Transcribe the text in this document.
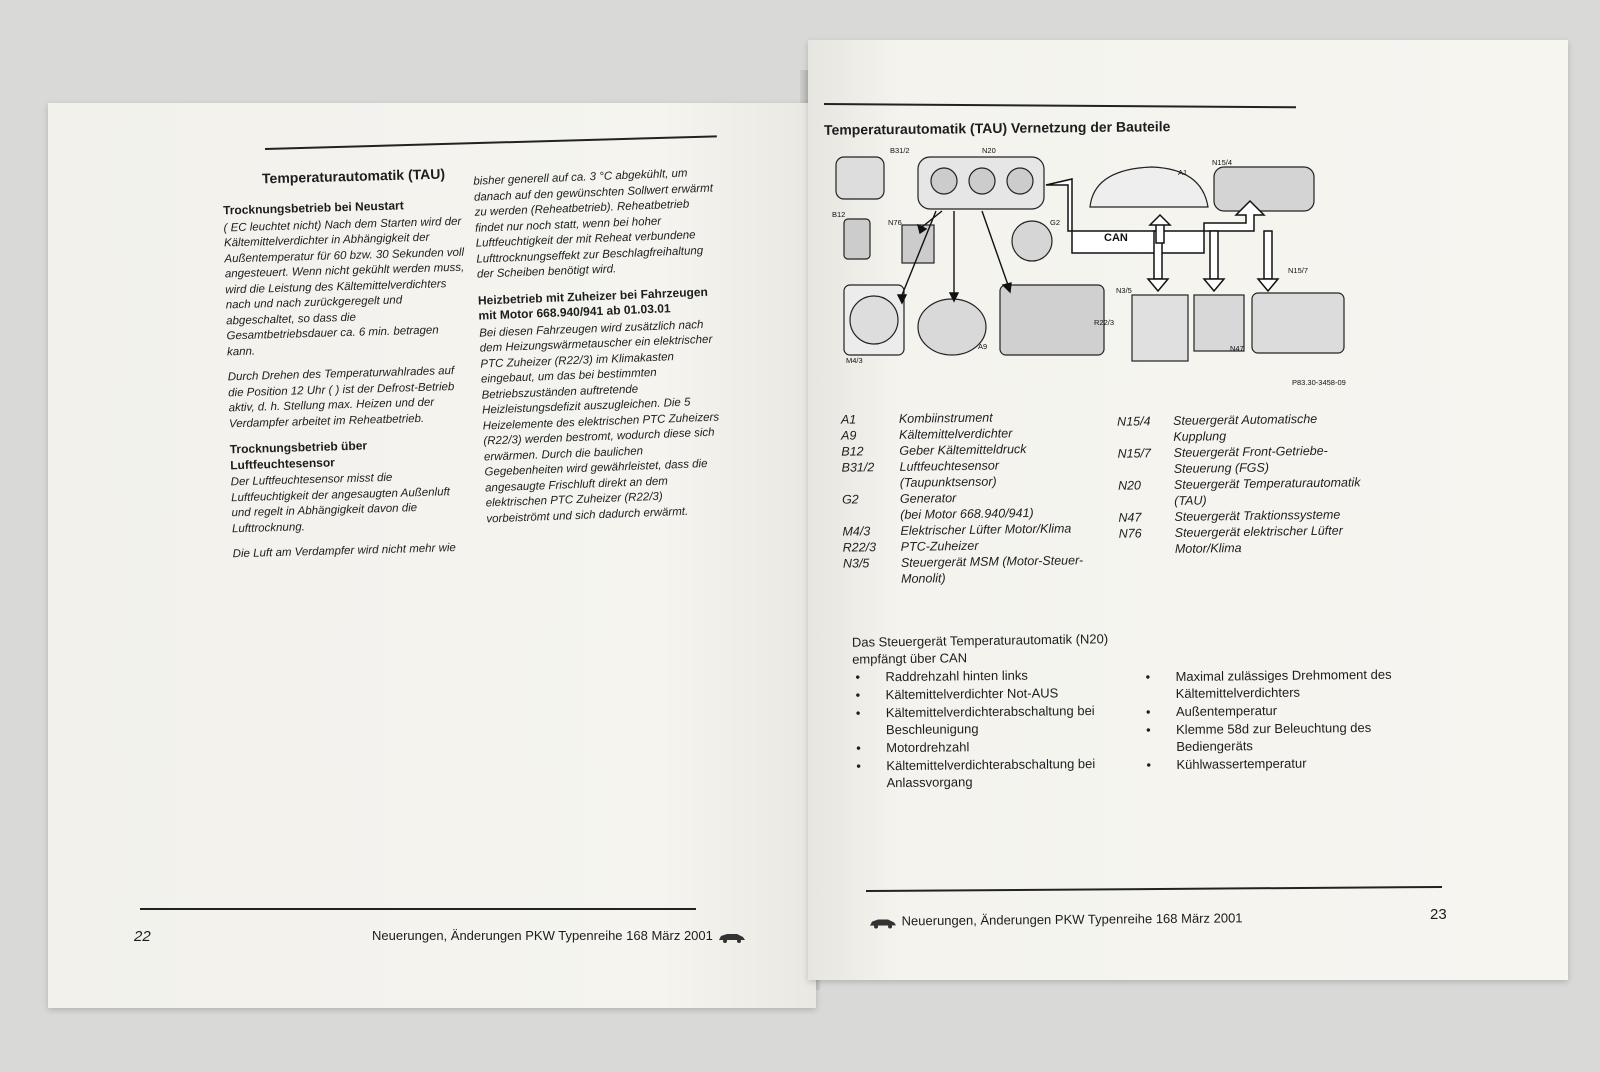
Temperaturautomatik (TAU)
Trocknungsbetrieb bei Neustart

( EC leuchtet nicht) Nach dem Starten wird der Kältemittelverdichter in Abhängigkeit der Außentemperatur für 60 bzw. 30 Sekunden voll angesteuert. Wenn nicht gekühlt werden muss, wird die Leistung des Kältemittelverdichters nach und nach zurückgeregelt und abgeschaltet, so dass die Gesamtbetriebsdauer ca. 6 min. betragen kann.

Durch Drehen des Temperaturwahlrades auf die Position 12 Uhr ( ) ist der Defrost-Betrieb aktiv, d. h. Stellung max. Heizen und der Verdampfer arbeitet im Reheatbetrieb.

Trocknungsbetrieb über Luftfeuchtesensor

Der Luftfeuchtesensor misst die Luftfeuchtigkeit der angesaugten Außenluft und regelt in Abhängigkeit davon die Lufttrocknung.

Die Luft am Verdampfer wird nicht mehr wie

bisher generell auf ca. 3 °C abgekühlt, um danach auf den gewünschten Sollwert erwärmt zu werden (Reheatbetrieb). Reheatbetrieb findet nur noch statt, wenn bei hoher Luftfeuchtigkeit der mit Reheat verbundene Lufttrocknungseffekt zur Beschlagfreihaltung der Scheiben benötigt wird.

Heizbetrieb mit Zuheizer bei Fahrzeugen mit Motor 668.940/941 ab 01.03.01

Bei diesen Fahrzeugen wird zusätzlich nach dem Heizungswärmetauscher ein elektrischer PTC Zuheizer (R22/3) im Klimakasten eingebaut, um das bei bestimmten Betriebszuständen auftretende Heizleistungsdefizit auszugleichen. Die 5 Heizelemente des elektrischen PTC Zuheizers (R22/3) werden bestromt, wodurch diese sich erwärmen. Durch die baulichen Gegebenheiten wird gewährleistet, dass die angesaugte Frischluft direkt an dem elektrischen PTC Zuheizer (R22/3) vorbeiströmt und sich dadurch erwärmt.

22	Neuerungen, Änderungen PKW Typenreihe 168 März 2001
Temperaturautomatik (TAU) Vernetzung der Bauteile
CAN
B31/2	N20
A1
N15/4
B12
N76	G2
N3/5
N15/7
M4/3
A9
R22/3
N47
P83.30-3458-09
A1	Kombiinstrument
A9	Kältemittelverdichter
B12	Geber Kältemitteldruck
B31/2 Luftfeuchtesensor
(Taupunktsensor)
G2	Generator
(bei Motor 668.940/941)
M4/3 Elektrischer Lüfter Motor/Klima
R22/3 PTC-Zuheizer
N3/5	Steuergerät MSM (Motor-Steuer-
Monolit)
N15/4 Steuergerät Automatische
Kupplung
N15/7 Steuergerät Front-Getriebe-
Steuerung (FGS)
N20	Steuergerät Temperaturautomatik
(TAU)
N47	Steuergerät Traktionssysteme
N76	Steuergerät elektrischer Lüfter
Motor/Klima
Das Steuergerät Temperaturautomatik (N20)
empfängt über CAN
• Raddrehzahl hinten links
• Kältemittelverdichter Not-AUS
• Kältemittelverdichterabschaltung bei Beschleunigung
• Motordrehzahl
• Kältemittelverdichterabschaltung bei Anlassvorgang
• Maximal zulässiges Drehmoment des Kältemittelverdichters
• Außentemperatur
• Klemme 58d zur Beleuchtung des Bediengeräts
• Kühlwassertemperatur
Neuerungen, Änderungen PKW Typenreihe 168 März 2001	23
